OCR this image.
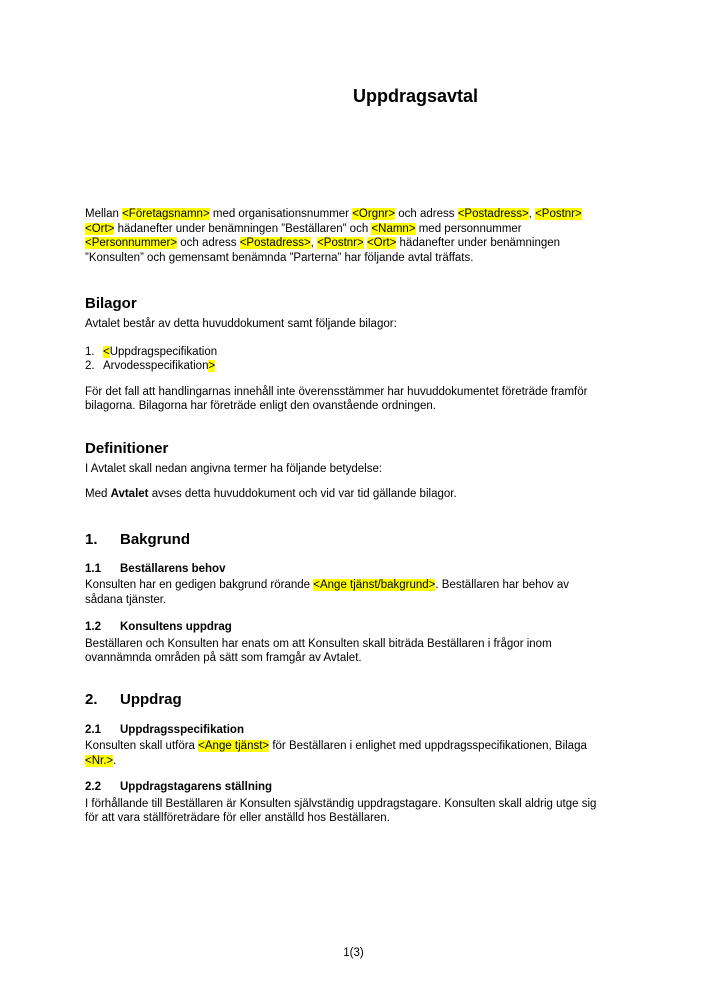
Uppdragsavtal

Mellan <Företagsnamn> med organisationsnummer <Orgnr> och adress <Postadress>, <Postnr>
<Ort> hädanefter under benämningen ”Beställaren” och <Namn> med personnummer
<Personnummer> och adress <Postadress>, <Postnr> <Ort> hädanefter under benämningen
”Konsulten” och gemensamt benämnda ”Parterna” har följande avtal träffats.

Bilagor

Avtalet består av detta huvuddokument samt följande bilagor:

1. <Uppdragspecifikation
2. Arvodesspecifikation>

För det fall att handlingarnas innehåll inte överensstämmer har huvuddokumentet företräde framför
bilagorna. Bilagorna har företräde enligt den ovanstående ordningen.

Definitioner

I Avtalet skall nedan angivna termer ha följande betydelse:

Med Avtalet avses detta huvuddokument och vid var tid gällande bilagor.

1.	Bakgrund
1.1	Beställarens behov

Konsulten har en gedigen bakgrund rörande <Ange tjänst/bakgrund>. Beställaren har behov av
sådana tjänster.

1.2	Konsultens uppdrag

Beställaren och Konsulten har enats om att Konsulten skall biträda Beställaren i frågor inom
ovannämnda områden på sätt som framgår av Avtalet.

2.	Uppdrag
2.1	Uppdragsspecifikation

Konsulten skall utföra <Ange tjänst> för Beställaren i enlighet med uppdragsspecifikationen, Bilaga
<Nr.>.

2.2	Uppdragstagarens ställning

I förhållande till Beställaren är Konsulten självständig uppdragstagare. Konsulten skall aldrig utge sig
för att vara ställföreträdare för eller anställd hos Beställaren.

1(3)
